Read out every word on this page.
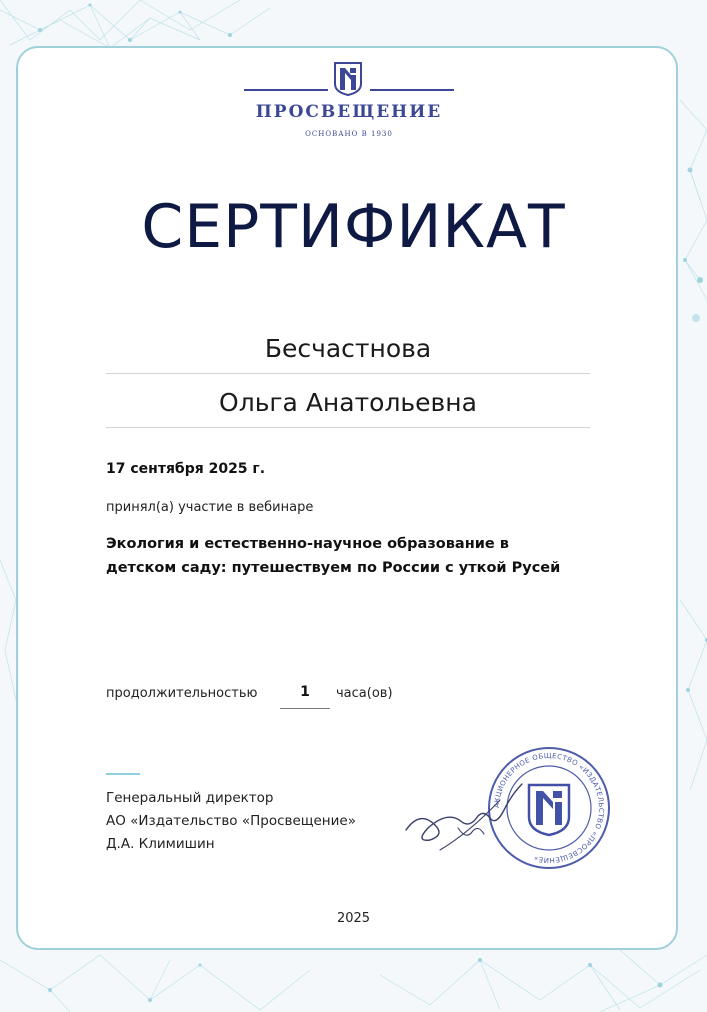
ПРОСВЕЩЕНИЕ
ОСНОВАНО В 1930
СЕРТИФИКАТ
Бесчастнова
Ольга Анатольевна
17 сентября 2025 г.
принял(а) участие в вебинаре
Экология и естественно-научное образование в детском саду: путешествуем по России с уткой Русей
продолжительностью	1	часа(ов)
Генеральный директор
АО «Издательство «Просвещение»
Д.А. Климишин
АКЦИОНЕРНОЕ ОБЩЕСТВО «ИЗДАТЕЛЬСТВО «ПРОСВЕЩЕНИЕ»
2025
